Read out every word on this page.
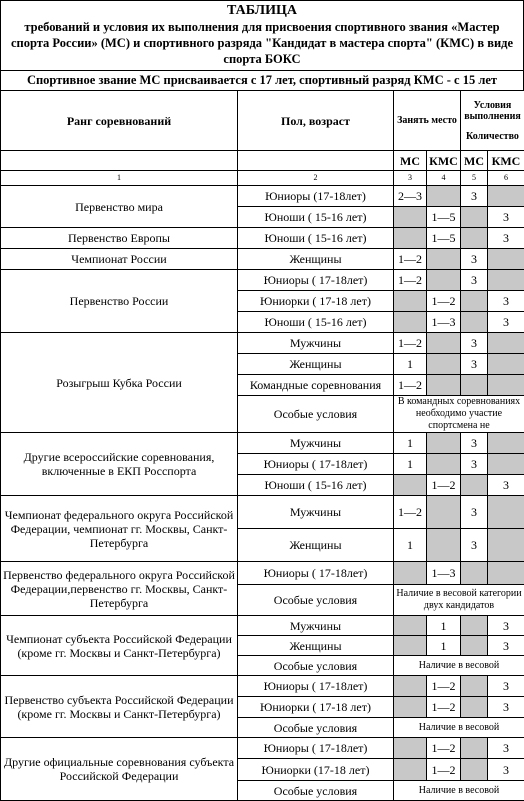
ТАБЛИЦА
требований и условия их выполнения для присвоения спортивного звания «Мастер спорта России» (МС) и спортивного разряда "Кандидат в мастера спорта" (КМС) в виде спорта БОКС
Спортивное звание МС присваивается с 17 лет, спортивный разряд КМС - с 15 лет
Ранг соревнований	Пол, возраст	Занять место		Условия выполнения	
				Количество	
		МС	КМС	МС	КМС
1	2	3	4	5	6
Первенство мира	Юниоры (17-18лет)	2—3		3	
	Юноши ( 15-16 лет)		1—5		3
Первенство Европы	Юноши ( 15-16 лет)		1—5		3
Чемпионат России	Женщины	1—2		3	
Первенство России	Юниоры ( 17-18лет)	1—2		3	
	Юниорки ( 17-18 лет)		1—2		3
	Юноши ( 15-16 лет)		1—3		3
Розыгрыш Кубка России	Мужчины	1—2		3	
	Женщины	1		3	
	Командные соревнования	1—2			
	Особые условия	В командных соревнованиях необходимо участие спортсмена не			
Другие всероссийские соревнования, включенные в ЕКП Росспорта	Мужчины	1		3	
	Юниоры ( 17-18лет)	1		3	
	Юноши ( 15-16 лет)		1—2		3
Чемпионат федерального округа Российской Федерации, чемпионат гг. Москвы, Санкт-Петербурга	Мужчины	1—2		3	
	Женщины	1		3	
Первенство федерального округа Российской Федерации,первенство гг. Москвы, Санкт-Петербурга	Юниоры ( 17-18лет)		1—3		
	Особые условия	Наличие в весовой категории двух кандидатов			
Чемпионат субъекта Российской Федерации (кроме гг. Москвы и Санкт-Петербурга)	Мужчины		1		3
	Женщины		1		3
	Особые условия	Наличие в весовой			
Первенство субъекта Российской Федерации (кроме гг. Москвы и Санкт-Петербурга)	Юниоры ( 17-18лет)		1—2		3
	Юниорки ( 17-18 лет)		1—2		3
	Особые условия	Наличие в весовой			
Другие официальные соревнования субъекта Российской Федерации	Юниоры ( 17-18лет)		1—2		3
	Юниорки (17-18 лет)		1—2		3
	Особые условия	Наличие в весовой			
